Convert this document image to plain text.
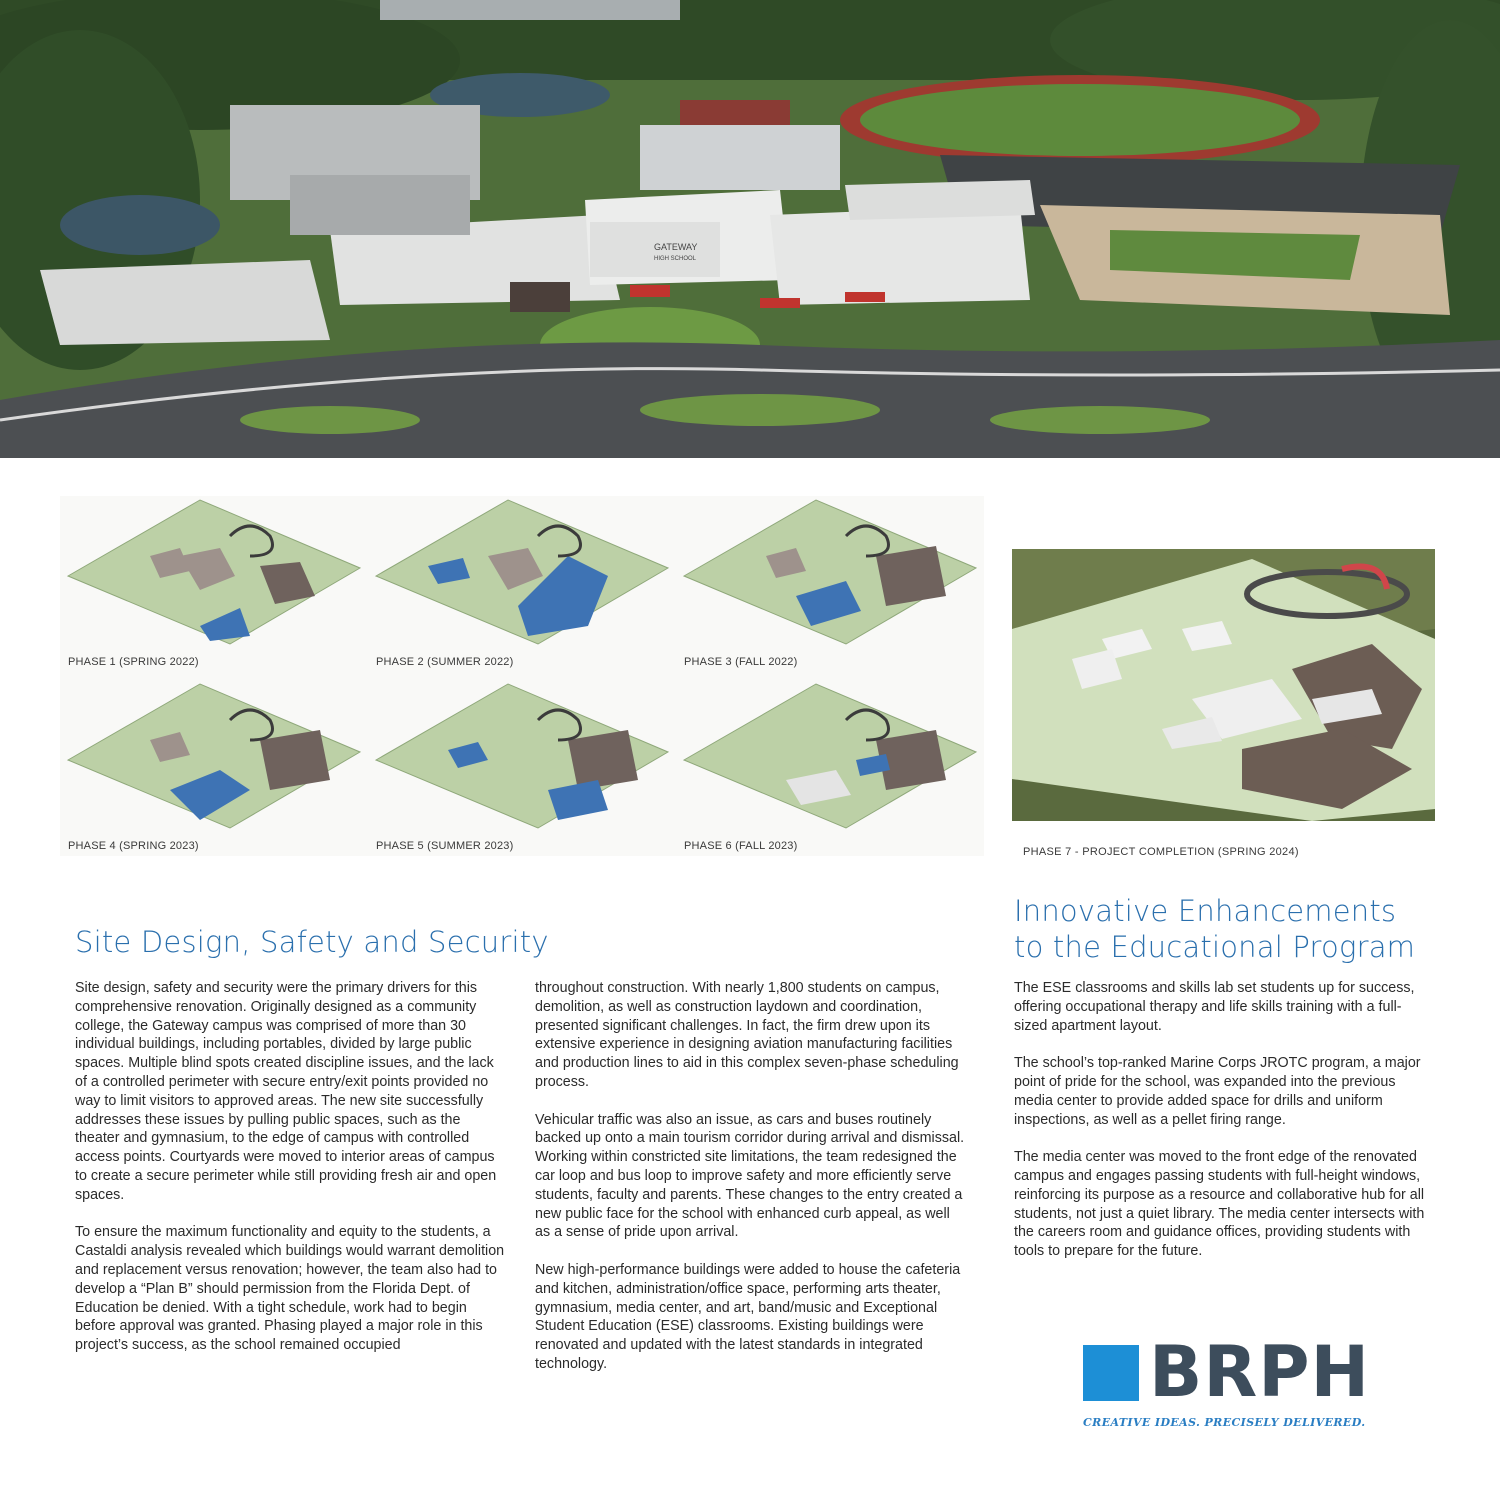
GATEWAY
HIGH SCHOOL
PHASE 1 (SPRING 2022)	PHASE 2 (SUMMER 2022)	PHASE 3 (FALL 2022)
PHASE 4 (SPRING 2023)	PHASE 5 (SUMMER 2023)	PHASE 6 (FALL 2023)	PHASE 7 - PROJECT COMPLETION (SPRING 2024)
Site Design, Safety and Security
Innovative Enhancements
to the Educational Program

Site design, safety and security were the primary drivers for this comprehensive renovation. Originally designed as a community college, the Gateway campus was comprised of more than 30 individual buildings, including portables, divided by large public spaces. Multiple blind spots created discipline issues, and the lack of a controlled perimeter with secure entry/exit points provided no way to limit visitors to approved areas. The new site successfully addresses these issues by pulling public spaces, such as the theater and gymnasium, to the edge of campus with controlled access points. Courtyards were moved to interior areas of campus to create a secure perimeter while still providing fresh air and open spaces.

To ensure the maximum functionality and equity to the students, a Castaldi analysis revealed which buildings would warrant demolition and replacement versus renovation; however, the team also had to develop a “Plan B” should permission from the Florida Dept. of Education be denied. With a tight schedule, work had to begin before approval was granted. Phasing played a major role in this project’s success, as the school remained occupied

throughout construction. With nearly 1,800 students on campus, demolition, as well as construction laydown and coordination, presented significant challenges. In fact, the firm drew upon its extensive experience in designing aviation manufacturing facilities and production lines to aid in this complex seven-phase scheduling process.

Vehicular traffic was also an issue, as cars and buses routinely backed up onto a main tourism corridor during arrival and dismissal. Working within constricted site limitations, the team redesigned the car loop and bus loop to improve safety and more efficiently serve students, faculty and parents. These changes to the entry created a new public face for the school with enhanced curb appeal, as well as a sense of pride upon arrival.

New high-performance buildings were added to house the cafeteria and kitchen, administration/office space, performing arts theater, gymnasium, media center, and art, band/music and Exceptional Student Education (ESE) classrooms. Existing buildings were renovated and updated with the latest standards in integrated technology.

The ESE classrooms and skills lab set students up for success, offering occupational therapy and life skills training with a full-sized apartment layout.

The school’s top-ranked Marine Corps JROTC program, a major point of pride for the school, was expanded into the previous media center to provide added space for drills and uniform inspections, as well as a pellet firing range.

The media center was moved to the front edge of the renovated campus and engages passing students with full-height windows, reinforcing its purpose as a resource and collaborative hub for all students, not just a quiet library. The media center intersects with the careers room and guidance offices, providing students with tools to prepare for the future.

BRPH
CREATIVE IDEAS. PRECISELY DELIVERED.
